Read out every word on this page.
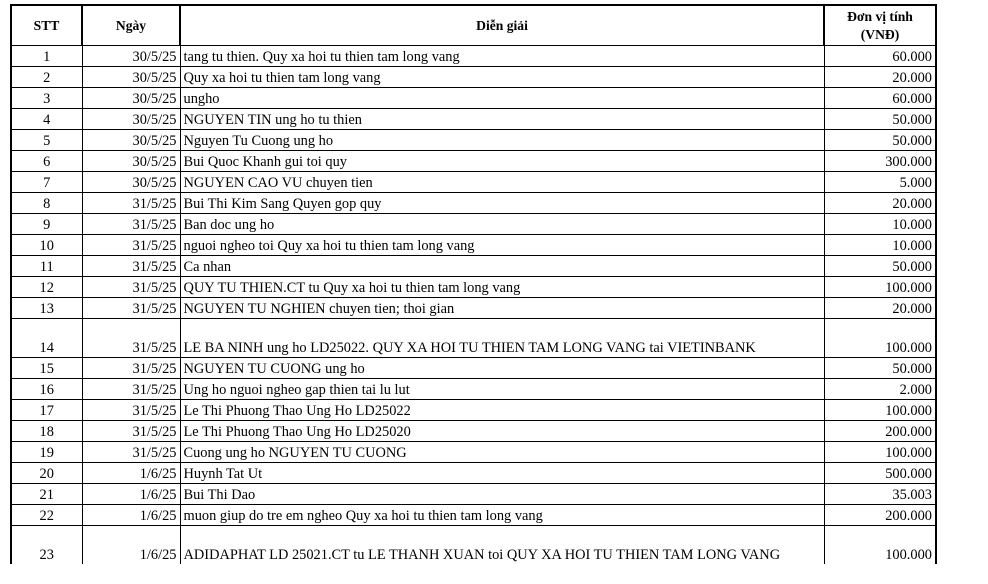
STT	Ngày	Diễn giải	Đơn vị tính
(VNĐ)
1	30/5/25	tang tu thien. Quy xa hoi tu thien tam long vang	60.000
2	30/5/25	Quy xa hoi tu thien tam long vang	20.000
3	30/5/25	ungho	60.000
4	30/5/25	NGUYEN TIN ung ho tu thien	50.000
5	30/5/25	Nguyen Tu Cuong ung ho	50.000
6	30/5/25	Bui Quoc Khanh gui toi quy	300.000
7	30/5/25	NGUYEN CAO VU chuyen tien	5.000
8	31/5/25	Bui Thi Kim Sang Quyen gop quy	20.000
9	31/5/25	Ban doc ung ho	10.000
10	31/5/25	nguoi ngheo toi Quy xa hoi tu thien tam long vang	10.000
11	31/5/25	Ca nhan	50.000
12	31/5/25	QUY TU THIEN.CT tu Quy xa hoi tu thien tam long vang	100.000
13	31/5/25	NGUYEN TU NGHIEN chuyen tien; thoi gian	20.000
14	31/5/25	LE BA NINH ung ho LD25022. QUY XA HOI TU THIEN TAM LONG VANG tai VIETINBANK	100.000
15	31/5/25	NGUYEN TU CUONG ung ho	50.000
16	31/5/25	Ung ho nguoi ngheo gap thien tai lu lut	2.000
17	31/5/25	Le Thi Phuong Thao Ung Ho LD25022	100.000
18	31/5/25	Le Thi Phuong Thao Ung Ho LD25020	200.000
19	31/5/25	Cuong ung ho NGUYEN TU CUONG	100.000
20	1/6/25	Huynh Tat Ut	500.000
21	1/6/25	Bui Thi Dao	35.003
22	1/6/25	muon giup do tre em ngheo Quy xa hoi tu thien tam long vang	200.000
23	1/6/25	ADIDAPHAT LD 25021.CT tu LE THANH XUAN toi QUY XA HOI TU THIEN TAM LONG VANG	100.000
